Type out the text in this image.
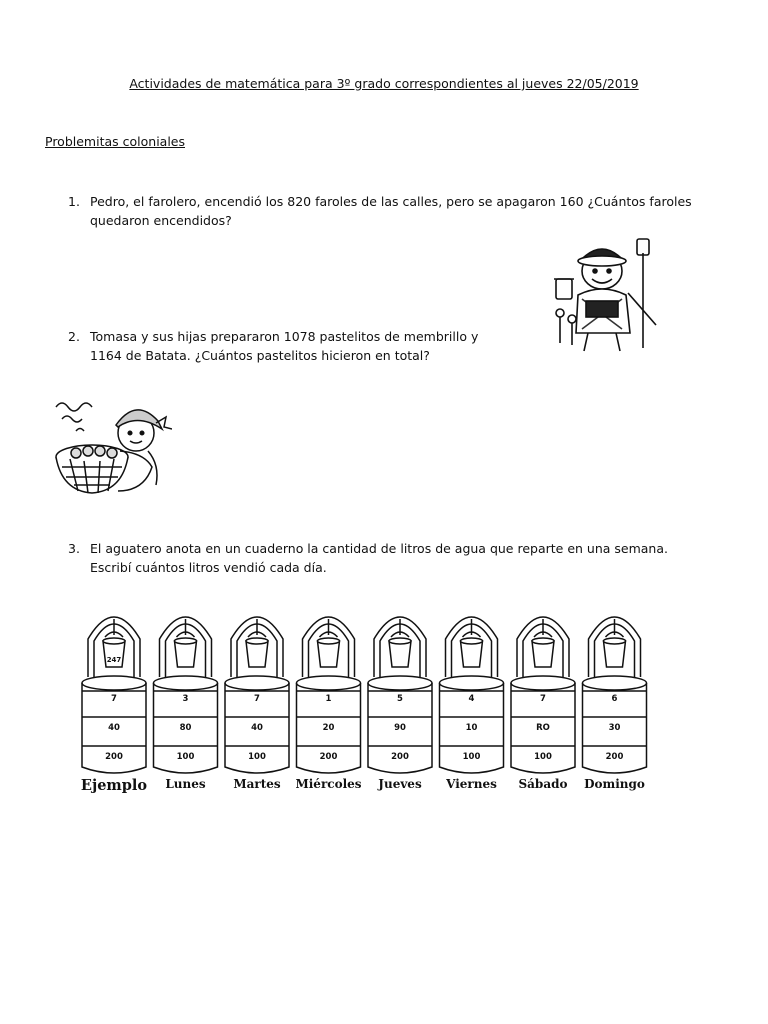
Actividades de matemática para 3º grado correspondientes al jueves 22/05/2019
Problemitas coloniales
1. Pedro, el farolero, encendió los 820 faroles de las calles, pero se apagaron 160 ¿Cuántos faroles quedaron encendidos?
2. Tomasa y sus hijas prepararon 1078 pastelitos de membrillo y 1164 de Batata. ¿Cuántos pastelitos hicieron en total?
3. El aguatero anota en un cuaderno la cantidad de litros de agua que reparte en una semana. Escribí cuántos litros vendió cada día.
247
7
40
200
Ejemplo
3
80
100
Lunes
7
40
100
Martes
1
20
200
Miércoles
5
90
200
Jueves
4
10
100
Viernes
7
RO
100
Sábado
6
30
200
Domingo
